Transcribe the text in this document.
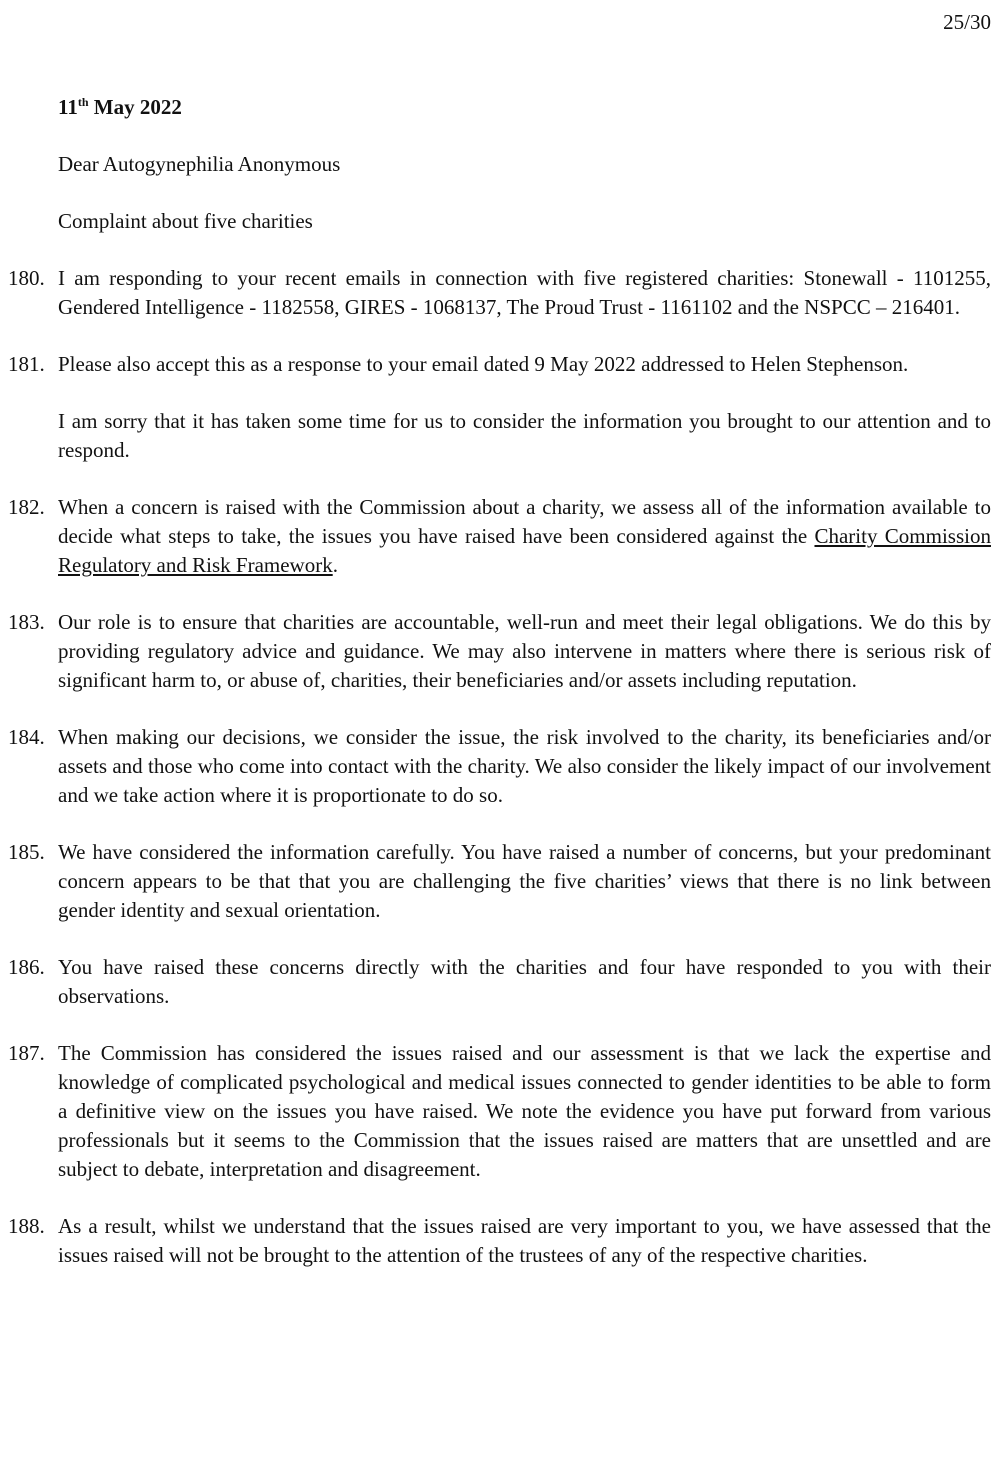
25/30

11th May 2022

Dear Autogynephilia Anonymous

Complaint about five charities

180. I am responding to your recent emails in connection with five registered charities: Stonewall - 1101255, Gendered Intelligence - 1182558, GIRES - 1068137, The Proud Trust - 1161102 and the NSPCC – 216401.
181. Please also accept this as a response to your email dated 9 May 2022 addressed to Helen Stephenson.
I am sorry that it has taken some time for us to consider the information you brought to our attention and to respond.
182. When a concern is raised with the Commission about a charity, we assess all of the information available to decide what steps to take, the issues you have raised have been considered against the Charity Commission Regulatory and Risk Framework.
183. Our role is to ensure that charities are accountable, well-run and meet their legal obligations. We do this by providing regulatory advice and guidance. We may also intervene in matters where there is serious risk of significant harm to, or abuse of, charities, their beneficiaries and/or assets including reputation.
184. When making our decisions, we consider the issue, the risk involved to the charity, its beneficiaries and/or assets and those who come into contact with the charity. We also consider the likely impact of our involvement and we take action where it is proportionate to do so.
185. We have considered the information carefully. You have raised a number of concerns, but your predominant concern appears to be that that you are challenging the five charities’ views that there is no link between gender identity and sexual orientation.
186. You have raised these concerns directly with the charities and four have responded to you with their observations.
187. The Commission has considered the issues raised and our assessment is that we lack the expertise and knowledge of complicated psychological and medical issues connected to gender identities to be able to form a definitive view on the issues you have raised. We note the evidence you have put forward from various professionals but it seems to the Commission that the issues raised are matters that are unsettled and are subject to debate, interpretation and disagreement.
188. As a result, whilst we understand that the issues raised are very important to you, we have assessed that the issues raised will not be brought to the attention of the trustees of any of the respective charities.
